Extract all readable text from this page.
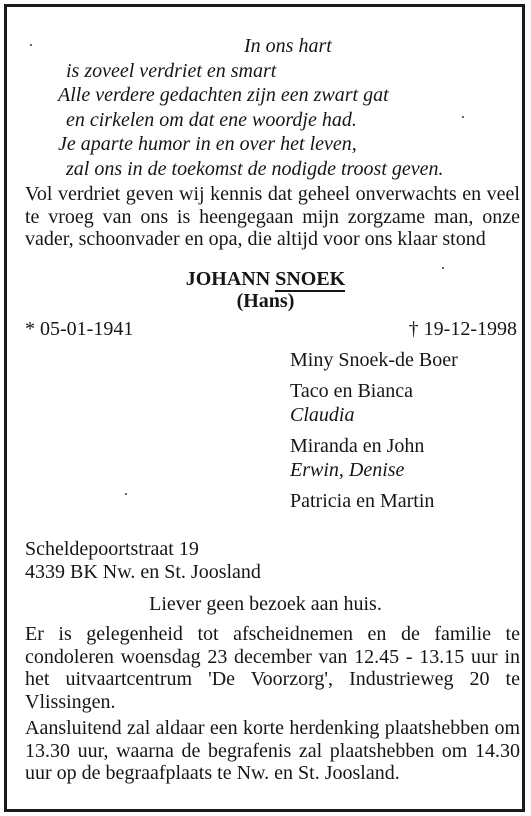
In ons hart
is zoveel verdriet en smart
Alle verdere gedachten zijn een zwart gat
en cirkelen om dat ene woordje had.
Je aparte humor in en over het leven,
zal ons in de toekomst de nodigde troost geven.
Vol verdriet geven wij kennis dat geheel onverwachts en veel te vroeg van ons is heengegaan mijn zorgzame man, onze vader, schoonvader en opa, die altijd voor ons klaar stond
JOHANN SNOEK
(Hans)
* 05-01-1941	† 19-12-1998
Miny Snoek-de Boer
Taco en Bianca
Claudia
Miranda en John
Erwin, Denise
Patricia en Martin
Scheldepoortstraat 19
4339 BK Nw. en St. Joosland
Liever geen bezoek aan huis.
Er is gelegenheid tot afscheidnemen en de familie te condoleren woensdag 23 december van 12.45 - 13.15 uur in het uitvaartcentrum 'De Voorzorg', Industrieweg 20 te Vlissingen.
Aansluitend zal aldaar een korte herdenking plaatshebben om 13.30 uur, waarna de begrafenis zal plaatshebben om 14.30 uur op de begraafplaats te Nw. en St. Joosland.
